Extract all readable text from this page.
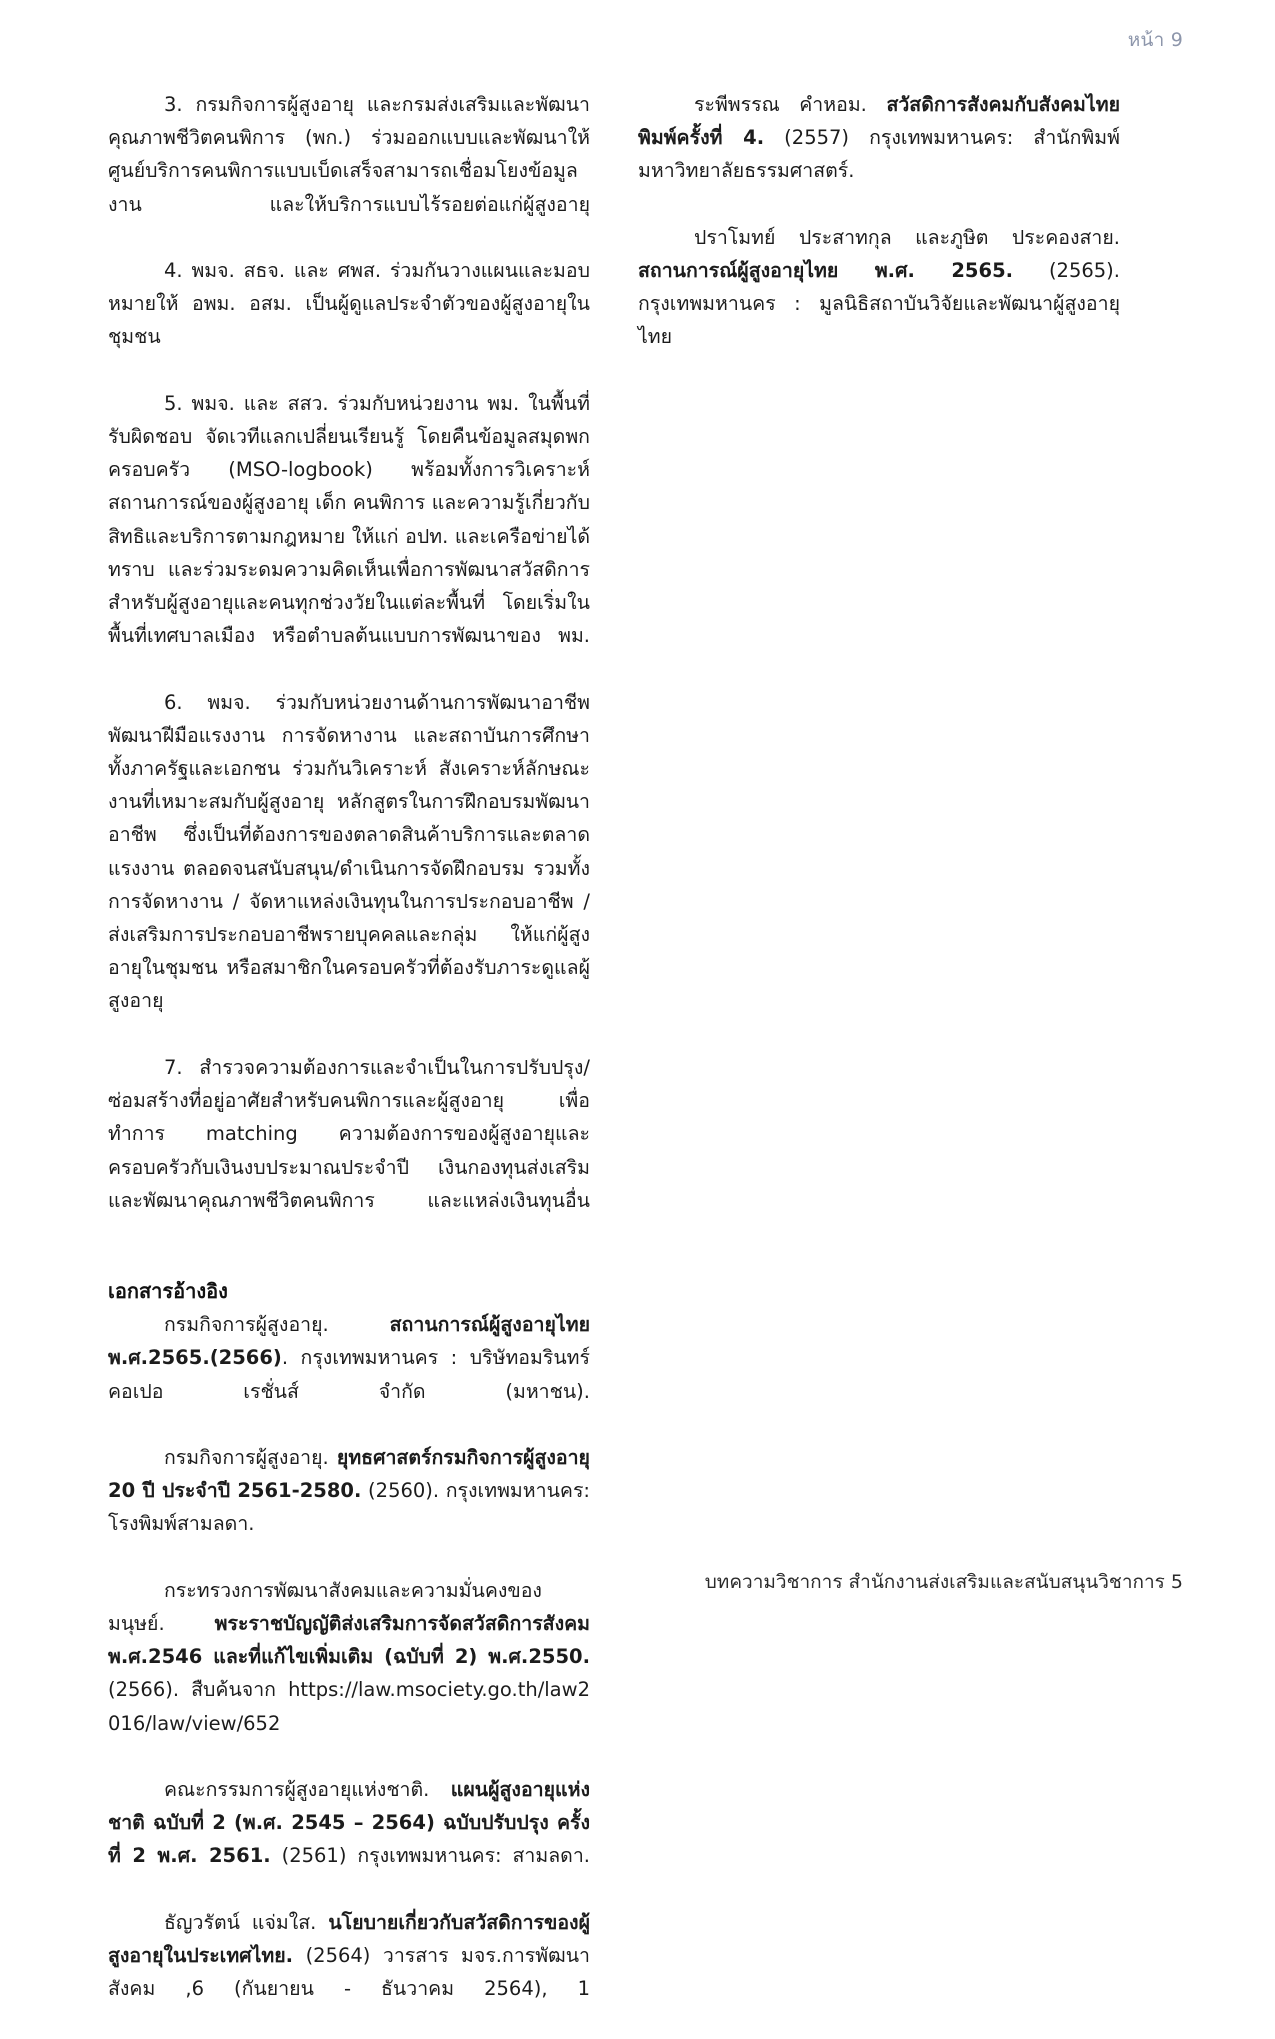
หน้า 9

3. กรมกิจการผู้สูงอายุ และกรมส่งเสริมและพัฒนาคุณภาพชีวิตคนพิการ (พก.) ร่วมออกแบบและพัฒนาให้ศูนย์บริการคนพิการแบบเบ็ดเสร็จสามารถเชื่อมโยงข้อมูล งาน และให้บริการแบบไร้รอยต่อแก่ผู้สูงอายุ

4. พมจ. สธจ. และ ศพส. ร่วมกันวางแผนและมอบหมายให้ อพม. อสม. เป็นผู้ดูแลประจำตัวของผู้สูงอายุในชุมชน

5. พมจ. และ สสว. ร่วมกับหน่วยงาน พม. ในพื้นที่รับผิดชอบ จัดเวทีแลกเปลี่ยนเรียนรู้ โดยคืนข้อมูลสมุดพกครอบครัว (MSO-logbook) พร้อมทั้งการวิเคราะห์สถานการณ์ของผู้สูงอายุ เด็ก คนพิการ และความรู้เกี่ยวกับสิทธิและบริการตามกฎหมาย ให้แก่ อปท. และเครือข่ายได้ทราบ และร่วมระดมความคิดเห็นเพื่อการพัฒนาสวัสดิการสำหรับผู้สูงอายุและคนทุกช่วงวัยในแต่ละพื้นที่ โดยเริ่มในพื้นที่เทศบาลเมือง หรือตำบลต้นแบบการพัฒนาของ พม.

6. พมจ. ร่วมกับหน่วยงานด้านการพัฒนาอาชีพ พัฒนาฝีมือแรงงาน การจัดหางาน และสถาบันการศึกษาทั้งภาครัฐและเอกชน ร่วมกันวิเคราะห์ สังเคราะห์ลักษณะงานที่เหมาะสมกับผู้สูงอายุ หลักสูตรในการฝึกอบรมพัฒนาอาชีพ ซึ่งเป็นที่ต้องการของตลาดสินค้าบริการและตลาดแรงงาน ตลอดจนสนับสนุน/ดำเนินการจัดฝึกอบรม รวมทั้งการจัดหางาน / จัดหาแหล่งเงินทุนในการประกอบอาชีพ / ส่งเสริมการประกอบอาชีพรายบุคคลและกลุ่ม ให้แก่ผู้สูงอายุในชุมชน หรือสมาชิกในครอบครัวที่ต้องรับภาระดูแลผู้สูงอายุ

7. สำรวจความต้องการและจำเป็นในการปรับปรุง/ซ่อมสร้างที่อยู่อาศัยสำหรับคนพิการและผู้สูงอายุ เพื่อทำการ matching ความต้องการของผู้สูงอายุและครอบครัวกับเงินงบประมาณประจำปี เงินกองทุนส่งเสริมและพัฒนาคุณภาพชีวิตคนพิการ และแหล่งเงินทุนอื่น

เอกสารอ้างอิง

กรมกิจการผู้สูงอายุ. สถานการณ์ผู้สูงอายุไทย พ.ศ.2565.(2566). กรุงเทพมหานคร : บริษัทอมรินทร์คอเปอ เรชั่นส์ จำกัด (มหาชน).

กรมกิจการผู้สูงอายุ. ยุทธศาสตร์กรมกิจการผู้สูงอายุ 20 ปี ประจำปี 2561-2580. (2560). กรุงเทพมหานคร: โรงพิมพ์สามลดา.

กระทรวงการพัฒนาสังคมและความมั่นคงของมนุษย์. พระราชบัญญัติส่งเสริมการจัดสวัสดิการสังคม พ.ศ.2546 และที่แก้ไขเพิ่มเติม (ฉบับที่ 2) พ.ศ.2550. (2566). สืบค้นจาก https://law.msociety.go.th/law2016/law/view/652

คณะกรรมการผู้สูงอายุแห่งชาติ. แผนผู้สูงอายุแห่งชาติ ฉบับที่ 2 (พ.ศ. 2545 – 2564) ฉบับปรับปรุง ครั้งที่ 2 พ.ศ. 2561. (2561) กรุงเทพมหานคร: สามลดา.

ธัญวรัตน์ แจ่มใส. นโยบายเกี่ยวกับสวัสดิการของผู้สูงอายุในประเทศไทย. (2564) วารสาร มจร.การพัฒนาสังคม ,6 (กันยายน - ธันวาคม 2564), 1

ระพีพรรณ คำหอม. สวัสดิการสังคมกับสังคมไทย พิมพ์ครั้งที่ 4. (2557) กรุงเทพมหานคร: สำนักพิมพ์มหาวิทยาลัยธรรมศาสตร์.

ปราโมทย์ ประสาทกุล และภูษิต ประคองสาย. สถานการณ์ผู้สูงอายุไทย พ.ศ. 2565. (2565). กรุงเทพมหานคร : มูลนิธิสถาบันวิจัยและพัฒนาผู้สูงอายุไทย

บทความวิชาการ สำนักงานส่งเสริมและสนับสนุนวิชาการ 5
